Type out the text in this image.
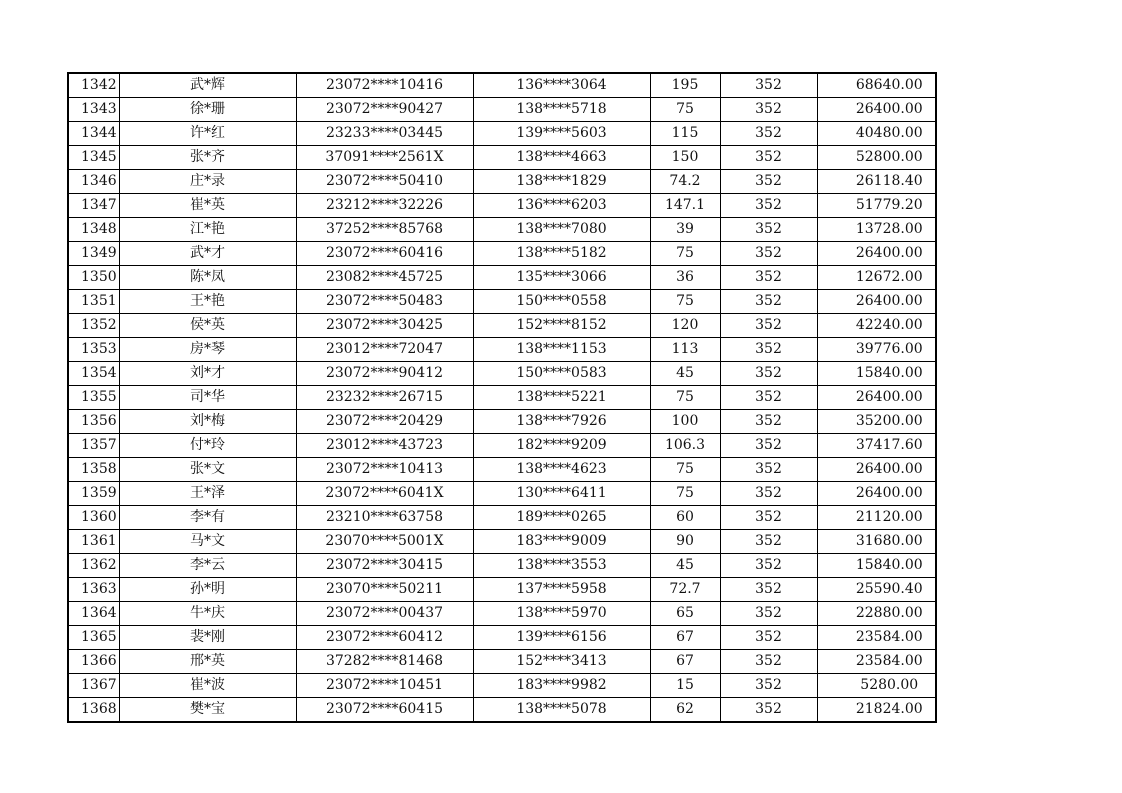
1342	武*辉	23072****10416	136****3064	195	352	68640.00
1343	徐*珊	23072****90427	138****5718	75	352	26400.00
1344	许*红	23233****03445	139****5603	115	352	40480.00
1345	张*齐	37091****2561X	138****4663	150	352	52800.00
1346	庄*录	23072****50410	138****1829	74.2	352	26118.40
1347	崔*英	23212****32226	136****6203	147.1	352	51779.20
1348	江*艳	37252****85768	138****7080	39	352	13728.00
1349	武*才	23072****60416	138****5182	75	352	26400.00
1350	陈*凤	23082****45725	135****3066	36	352	12672.00
1351	王*艳	23072****50483	150****0558	75	352	26400.00
1352	侯*英	23072****30425	152****8152	120	352	42240.00
1353	房*琴	23012****72047	138****1153	113	352	39776.00
1354	刘*才	23072****90412	150****0583	45	352	15840.00
1355	司*华	23232****26715	138****5221	75	352	26400.00
1356	刘*梅	23072****20429	138****7926	100	352	35200.00
1357	付*玲	23012****43723	182****9209	106.3	352	37417.60
1358	张*文	23072****10413	138****4623	75	352	26400.00
1359	王*泽	23072****6041X	130****6411	75	352	26400.00
1360	李*有	23210****63758	189****0265	60	352	21120.00
1361	马*文	23070****5001X	183****9009	90	352	31680.00
1362	李*云	23072****30415	138****3553	45	352	15840.00
1363	孙*明	23070****50211	137****5958	72.7	352	25590.40
1364	牛*庆	23072****00437	138****5970	65	352	22880.00
1365	裴*刚	23072****60412	139****6156	67	352	23584.00
1366	邢*英	37282****81468	152****3413	67	352	23584.00
1367	崔*波	23072****10451	183****9982	15	352	5280.00
1368	樊*宝	23072****60415	138****5078	62	352	21824.00
